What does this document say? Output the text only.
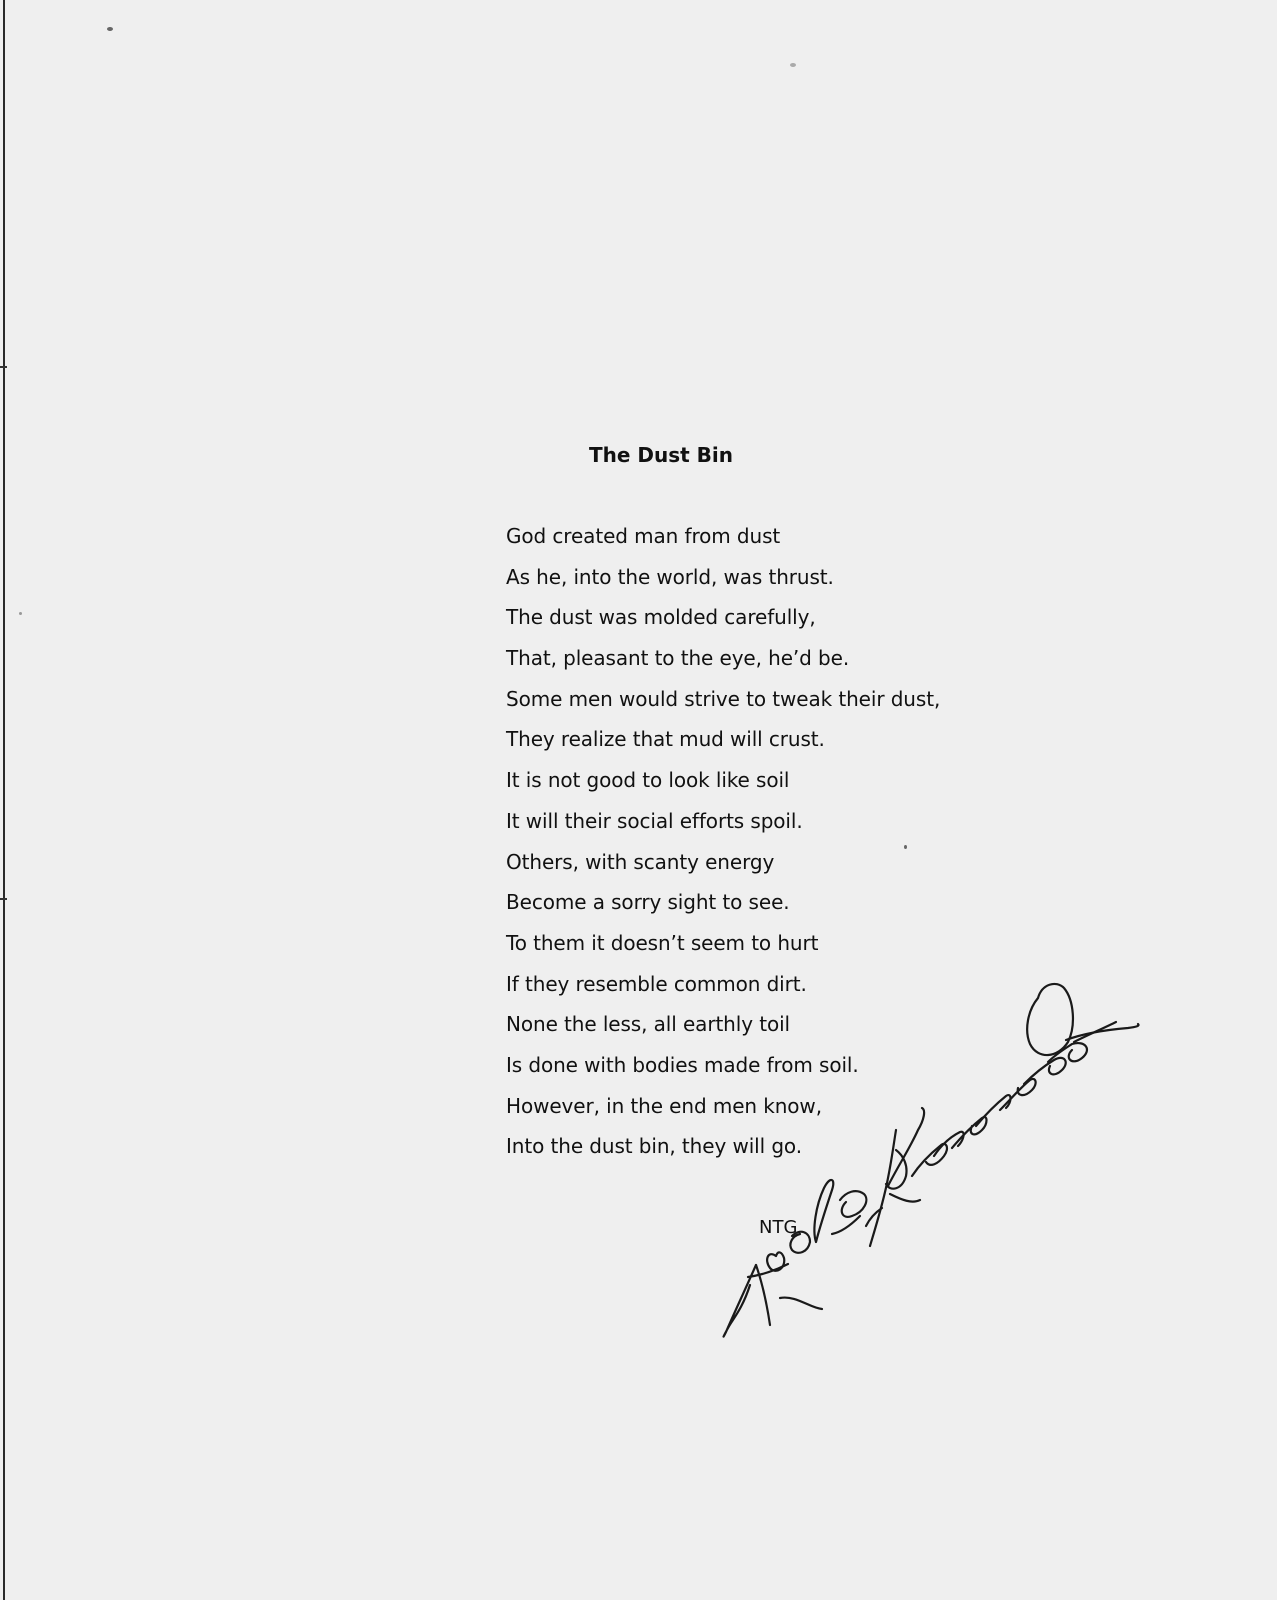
The Dust Bin
God created man from dust
As he, into the world, was thrust.
The dust was molded carefully,
That, pleasant to the eye, he’d be.
Some men would strive to tweak their dust,
They realize that mud will crust.
It is not good to look like soil
It will their social efforts spoil.
Others, with scanty energy
Become a sorry sight to see.
To them it doesn’t seem to hurt
If they resemble common dirt.
None the less, all earthly toil
Is done with bodies made from soil.
However, in the end men know,
Into the dust bin, they will go.
NTG
